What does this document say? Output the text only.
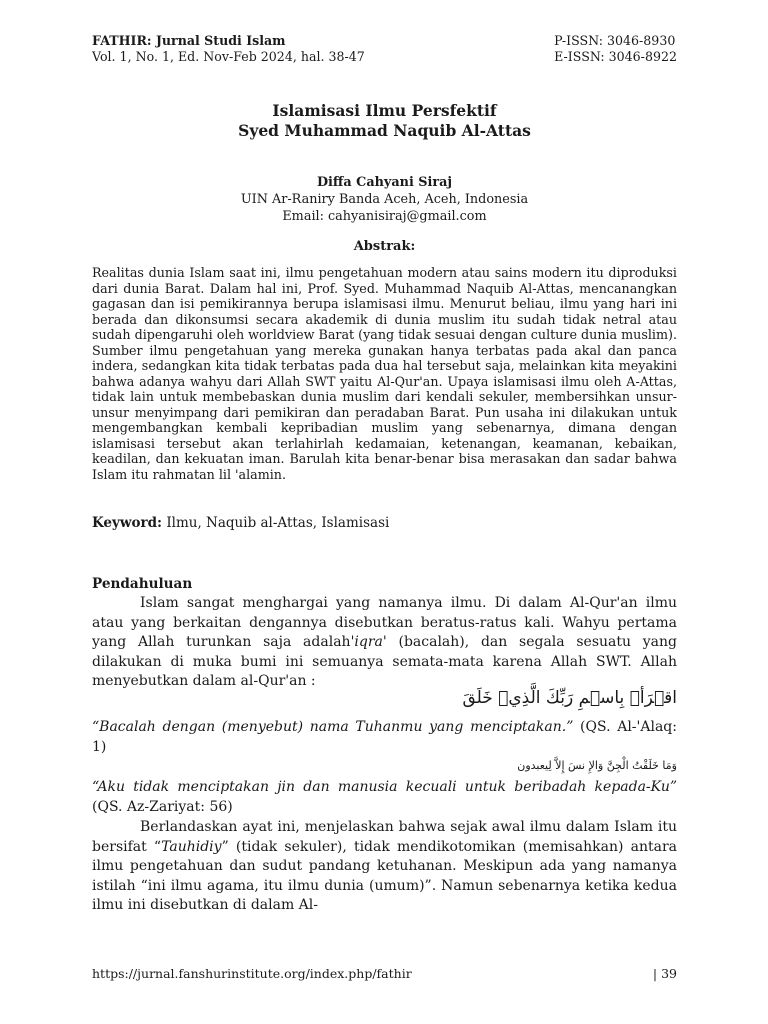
FATHIR: Jurnal Studi Islam
Vol. 1, No. 1, Ed. Nov-Feb 2024, hal. 38-47
P-ISSN: 3046-8930
E-ISSN: 3046-8922
Islamisasi Ilmu Persfektif
Syed Muhammad Naquib Al-Attas
Diffa Cahyani Siraj
UIN Ar-Raniry Banda Aceh, Aceh, Indonesia
Email: cahyanisiraj@gmail.com
Abstrak:
Realitas dunia Islam saat ini, ilmu pengetahuan modern atau sains modern itu diproduksi dari dunia Barat. Dalam hal ini, Prof. Syed. Muhammad Naquib Al-Attas, mencanangkan gagasan dan isi pemikirannya berupa islamisasi ilmu. Menurut beliau, ilmu yang hari ini berada dan dikonsumsi secara akademik di dunia muslim itu sudah tidak netral atau sudah dipengaruhi oleh worldview Barat (yang tidak sesuai dengan culture dunia muslim). Sumber ilmu pengetahuan yang mereka gunakan hanya terbatas pada akal dan panca indera, sedangkan kita tidak terbatas pada dua hal tersebut saja, melainkan kita meyakini bahwa adanya wahyu dari Allah SWT yaitu Al-Qur'an. Upaya islamisasi ilmu oleh A-Attas, tidak lain untuk membebaskan dunia muslim dari kendali sekuler, membersihkan unsur-unsur menyimpang dari pemikiran dan peradaban Barat. Pun usaha ini dilakukan untuk mengembangkan kembali kepribadian muslim yang sebenarnya, dimana dengan islamisasi tersebut akan terlahirlah kedamaian, ketenangan, keamanan, kebaikan, keadilan, dan kekuatan iman. Barulah kita benar-benar bisa merasakan dan sadar bahwa Islam itu rahmatan lil 'alamin.
Keyword: Ilmu, Naquib al-Attas, Islamisasi
Pendahuluan
Islam sangat menghargai yang namanya ilmu. Di dalam Al-Qur'an ilmu atau yang berkaitan dengannya disebutkan beratus-ratus kali. Wahyu pertama yang Allah turunkan saja adalah'iqra' (bacalah), dan segala sesuatu yang dilakukan di muka bumi ini semuanya semata-mata karena Allah SWT. Allah menyebutkan dalam al-Qur'an :
اقۡرَأۡ بِاسۡمِ رَبِّكَ الَّذِيۡ خَلَقَ
“Bacalah dengan (menyebut) nama Tuhanmu yang menciptakan.” (QS. Al-'Alaq: 1)
وَمَا خَلَقْتُ الْجِنَّ وَالإِ نسَ إِلاَّ لِيعبدون
“Aku tidak menciptakan jin dan manusia kecuali untuk beribadah kepada-Ku” (QS. Az-Zariyat: 56)
Berlandaskan ayat ini, menjelaskan bahwa sejak awal ilmu dalam Islam itu bersifat “Tauhidiy” (tidak sekuler), tidak mendikotomikan (memisahkan) antara ilmu pengetahuan dan sudut pandang ketuhanan. Meskipun ada yang namanya istilah “ini ilmu agama, itu ilmu dunia (umum)”. Namun sebenarnya ketika kedua ilmu ini disebutkan di dalam Al-
https://jurnal.fanshurinstitute.org/index.php/fathir	| 39
